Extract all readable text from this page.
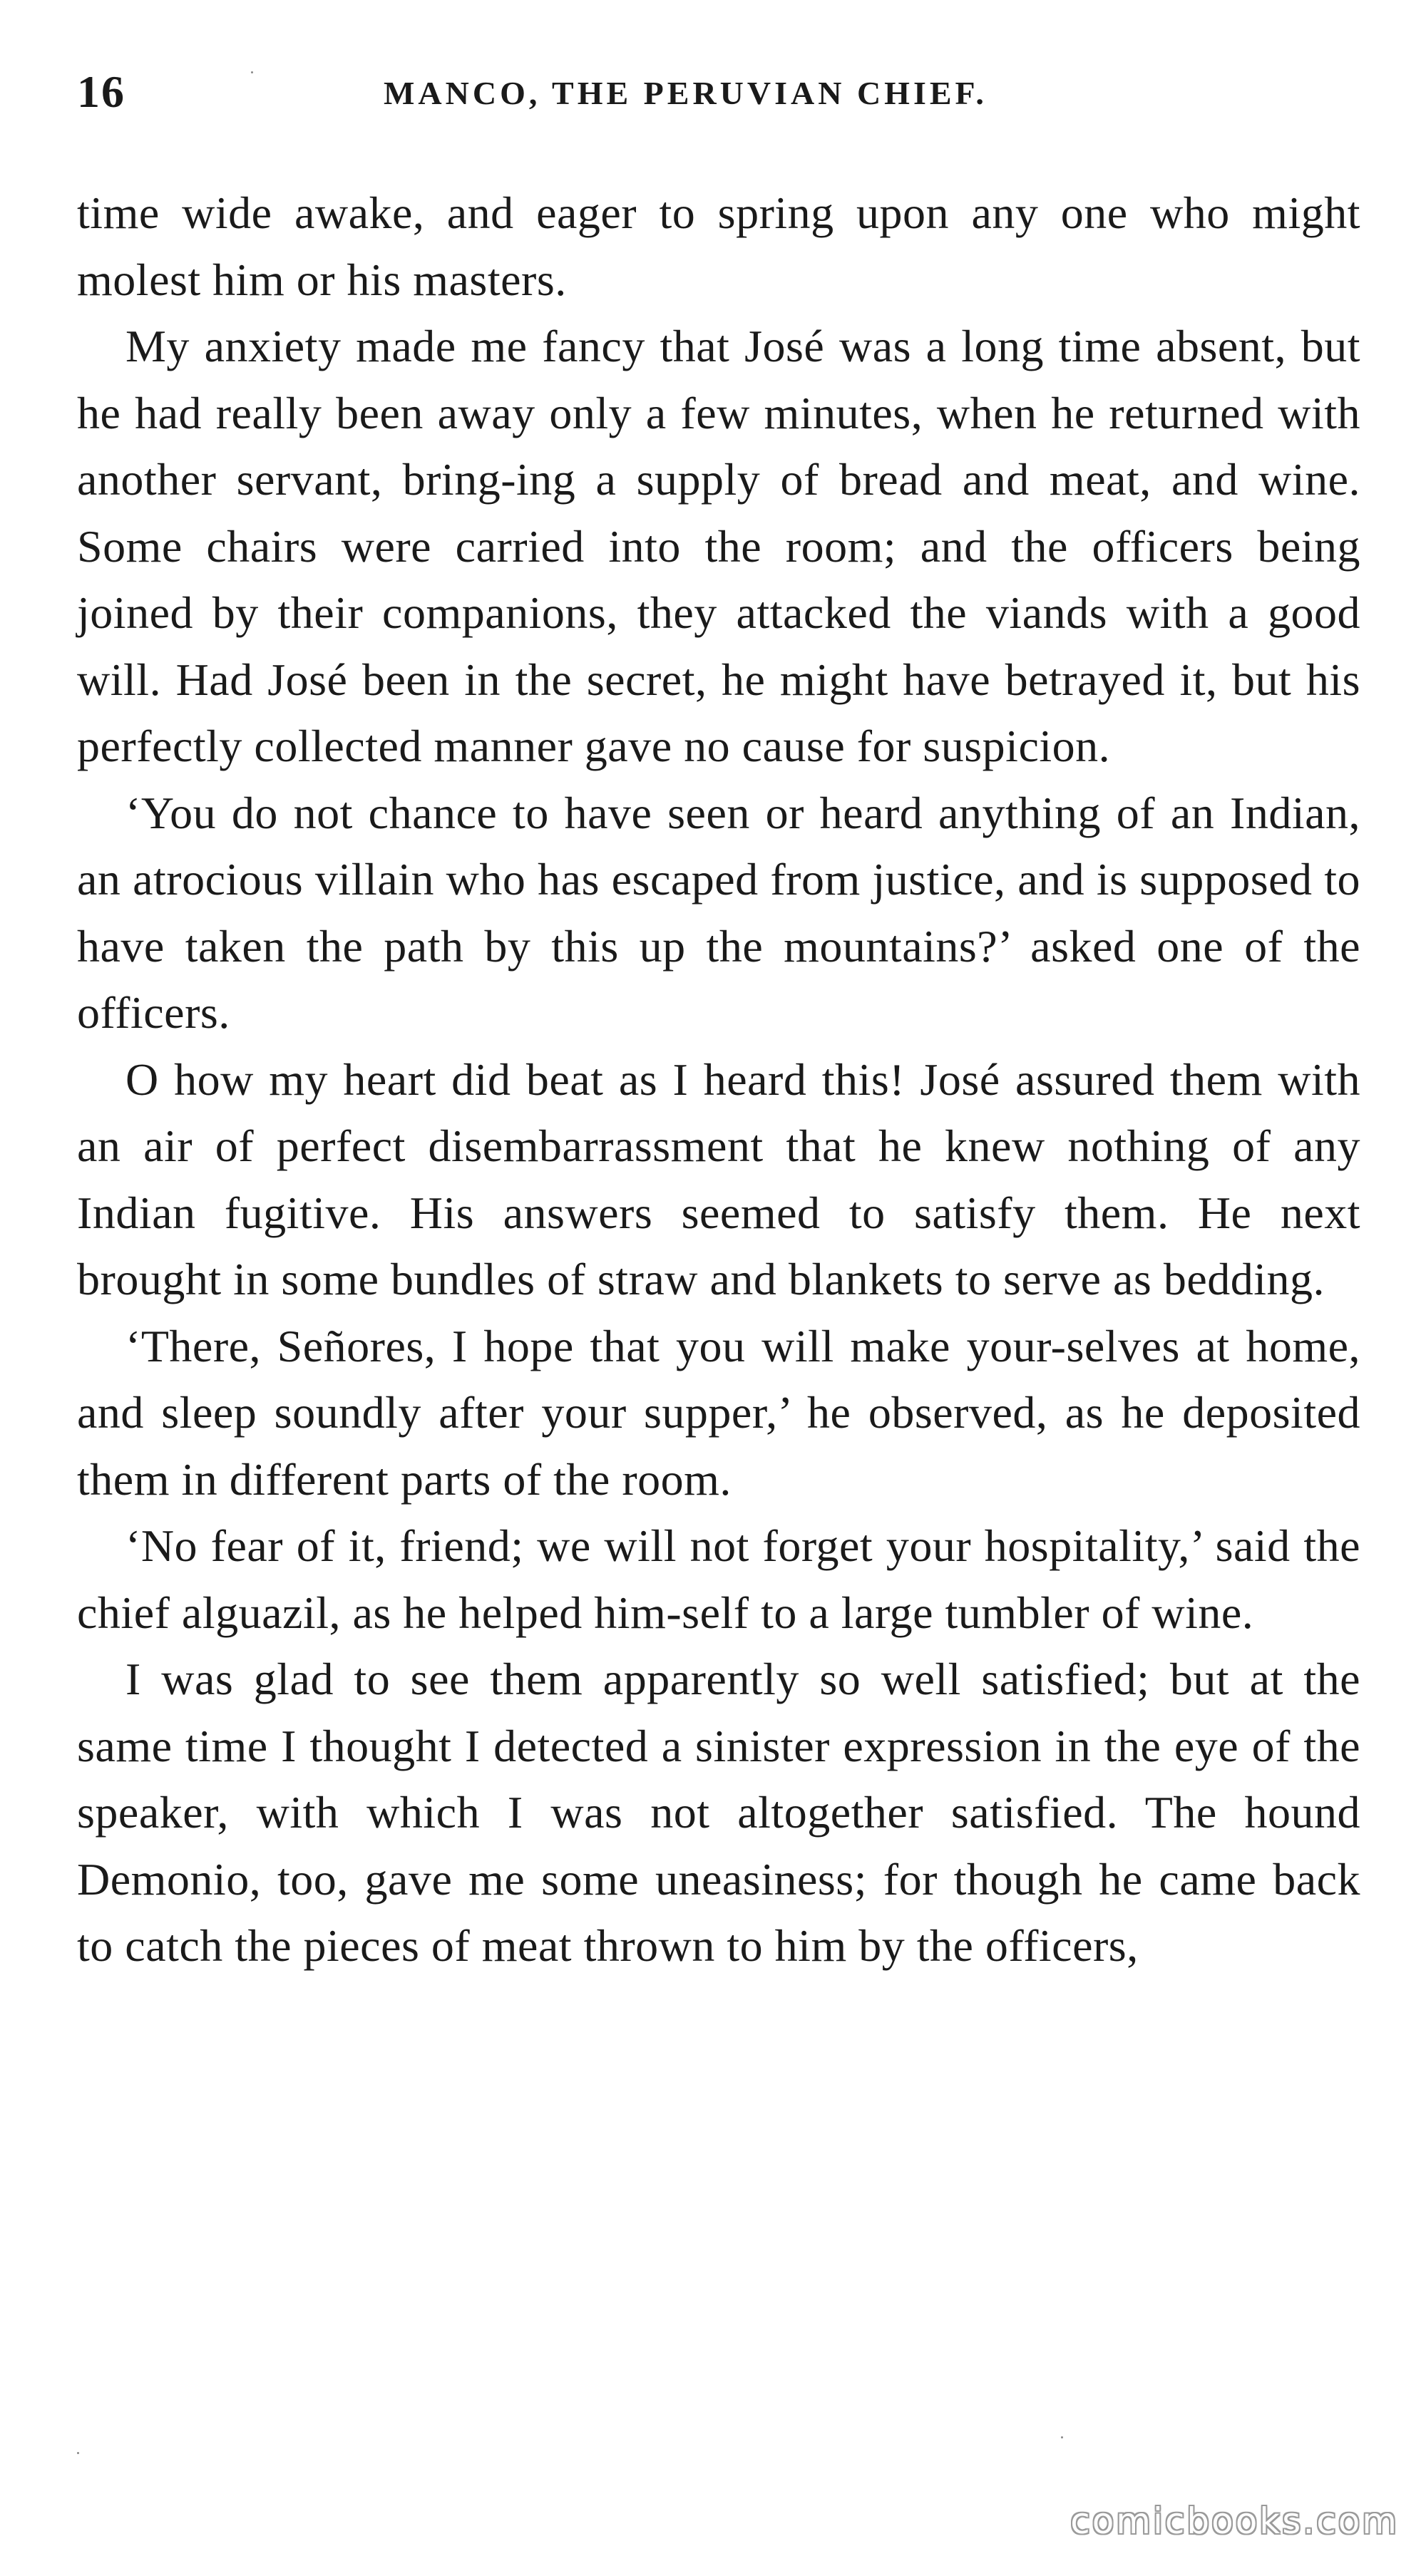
16	MANCO, THE PERUVIAN CHIEF.

time wide awake, and eager to spring upon any one who might molest him or his masters.

My anxiety made me fancy that José was a long time absent, but he had really been away only a few minutes, when he returned with another servant, bring-ing a supply of bread and meat, and wine. Some chairs were carried into the room; and the officers being joined by their companions, they attacked the viands with a good will. Had José been in the secret, he might have betrayed it, but his perfectly collected manner gave no cause for suspicion.

‘You do not chance to have seen or heard anything of an Indian, an atrocious villain who has escaped from justice, and is supposed to have taken the path by this up the mountains?’ asked one of the officers.

O how my heart did beat as I heard this! José assured them with an air of perfect disembarrassment that he knew nothing of any Indian fugitive. His answers seemed to satisfy them. He next brought in some bundles of straw and blankets to serve as bedding.

‘There, Señores, I hope that you will make your-selves at home, and sleep soundly after your supper,’ he observed, as he deposited them in different parts of the room.

‘No fear of it, friend; we will not forget your hospitality,’ said the chief alguazil, as he helped him-self to a large tumbler of wine.

I was glad to see them apparently so well satisfied; but at the same time I thought I detected a sinister expression in the eye of the speaker, with which I was not altogether satisfied. The hound Demonio, too, gave me some uneasiness; for though he came back to catch the pieces of meat thrown to him by the officers,

comicbooks.com
